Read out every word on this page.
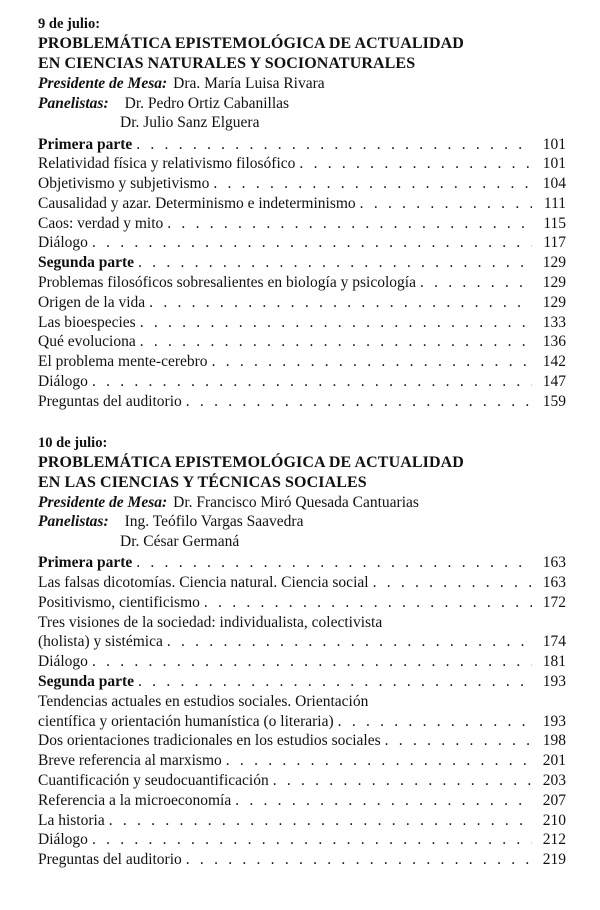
9 de julio:
PROBLEMÁTICA EPISTEMOLÓGICA DE ACTUALIDAD
EN CIENCIAS NATURALES Y SOCIONATURALES
Presidente de Mesa: Dra. María Luisa Rivara
Panelistas: Dr. Pedro Ortiz Cabanillas
Dr. Julio Sanz Elguera
Primera parte . . .	101
Relatividad física y relativismo filosófico . . .	101
Objetivismo y subjetivismo . . .	104
Causalidad y azar. Determinismo e indeterminismo . . .	111
Caos: verdad y mito . . .	115
Diálogo . . .	117
Segunda parte . . .	129
Problemas filosóficos sobresalientes en biología y psicología . . .	129
Origen de la vida . . .	129
Las bioespecies . . .	133
Qué evoluciona . . .	136
El problema mente-cerebro . . .	142
Diálogo . . .	147
Preguntas del auditorio . . .	159
10 de julio:
PROBLEMÁTICA EPISTEMOLÓGICA DE ACTUALIDAD
EN LAS CIENCIAS Y TÉCNICAS SOCIALES
Presidente de Mesa: Dr. Francisco Miró Quesada Cantuarias
Panelistas: Ing. Teófilo Vargas Saavedra
Dr. César Germaná
Primera parte . . .	163
Las falsas dicotomías. Ciencia natural. Ciencia social . . .	163
Positivismo, cientificismo . . .	172
Tres visiones de la sociedad: individualista, colectivista
(holista) y sistémica . . .	174
Diálogo . . .	181
Segunda parte . . .	193
Tendencias actuales en estudios sociales. Orientación
científica y orientación humanística (o literaria) . . .	193
Dos orientaciones tradicionales en los estudios sociales . . .	198
Breve referencia al marxismo . . .	201
Cuantificación y seudocuantificación . . .	203
Referencia a la microeconomía . . .	207
La historia . . .	210
Diálogo . . .	212
Preguntas del auditorio . . .	219
